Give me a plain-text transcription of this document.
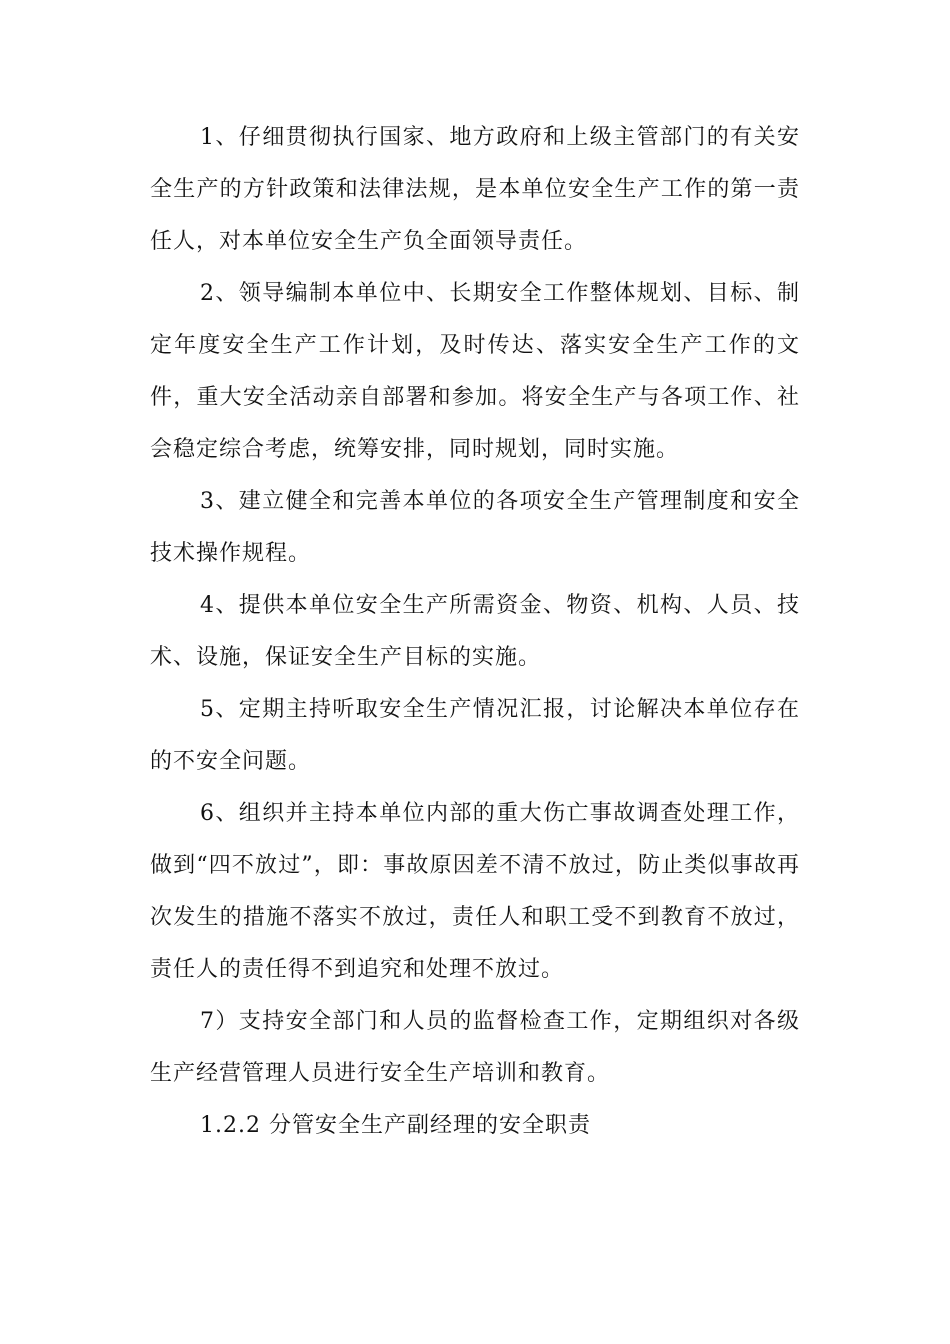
1、仔细贯彻执行国家、地方政府和上级主管部门的有关安全生产的方针政策和法律法规，是本单位安全生产工作的第一责任人，对本单位安全生产负全面领导责任。

2、领导编制本单位中、长期安全工作整体规划、目标、制定年度安全生产工作计划，及时传达、落实安全生产工作的文件，重大安全活动亲自部署和参加。将安全生产与各项工作、社会稳定综合考虑，统筹安排，同时规划，同时实施。

3、建立健全和完善本单位的各项安全生产管理制度和安全技术操作规程。

4、提供本单位安全生产所需资金、物资、机构、人员、技术、设施，保证安全生产目标的实施。

5、定期主持听取安全生产情况汇报，讨论解决本单位存在的不安全问题。

6、组织并主持本单位内部的重大伤亡事故调查处理工作，做到“四不放过”，即：事故原因差不清不放过，防止类似事故再次发生的措施不落实不放过，责任人和职工受不到教育不放过，责任人的责任得不到追究和处理不放过。

7）支持安全部门和人员的监督检查工作，定期组织对各级生产经营管理人员进行安全生产培训和教育。

1.2.2 分管安全生产副经理的安全职责
